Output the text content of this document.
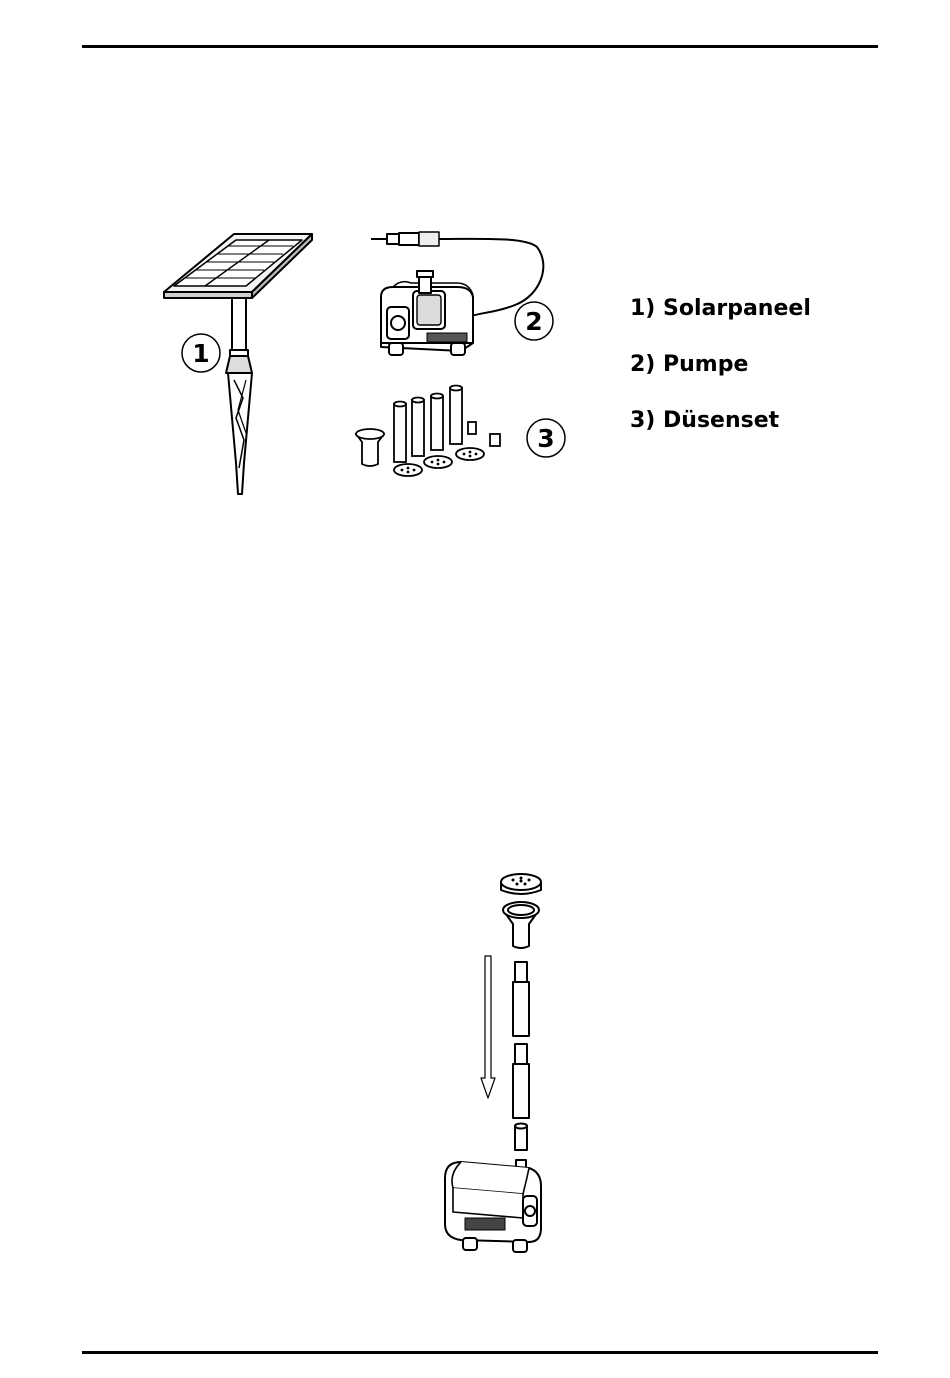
1
2
3
1) Solarpaneel
2) Pumpe
3) Düsenset
